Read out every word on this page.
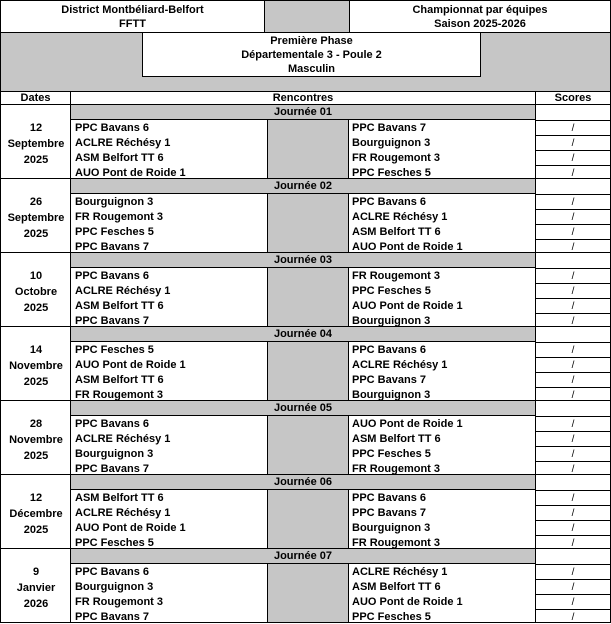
District Montbéliard-Belfort
FFTT
Championnat par équipes
Saison 2025-2026
Première Phase
Départementale 3 - Poule 2
Masculin
Dates	Rencontres	Scores
12
Septembre
2025
Journée 01
PPC Bavans 6
ACLRE Réchésy 1
ASM Belfort TT 6
AUO Pont de Roide 1
PPC Bavans 7
Bourguignon 3
FR Rougemont 3
PPC Fesches 5
/
/
/
/
26
Septembre
2025
Journée 02
Bourguignon 3
FR Rougemont 3
PPC Fesches 5
PPC Bavans 7
PPC Bavans 6
ACLRE Réchésy 1
ASM Belfort TT 6
AUO Pont de Roide 1
/
/
/
/
10
Octobre
2025
Journée 03
PPC Bavans 6
ACLRE Réchésy 1
ASM Belfort TT 6
PPC Bavans 7
FR Rougemont 3
PPC Fesches 5
AUO Pont de Roide 1
Bourguignon 3
/
/
/
/
14
Novembre
2025
Journée 04
PPC Fesches 5
AUO Pont de Roide 1
ASM Belfort TT 6
FR Rougemont 3
PPC Bavans 6
ACLRE Réchésy 1
PPC Bavans 7
Bourguignon 3
/
/
/
/
28
Novembre
2025
Journée 05
PPC Bavans 6
ACLRE Réchésy 1
Bourguignon 3
PPC Bavans 7
AUO Pont de Roide 1
ASM Belfort TT 6
PPC Fesches 5
FR Rougemont 3
/
/
/
/
12
Décembre
2025
Journée 06
ASM Belfort TT 6
ACLRE Réchésy 1
AUO Pont de Roide 1
PPC Fesches 5
PPC Bavans 6
PPC Bavans 7
Bourguignon 3
FR Rougemont 3
/
/
/
/
9
Janvier
2026
Journée 07
PPC Bavans 6
Bourguignon 3
FR Rougemont 3
PPC Bavans 7
ACLRE Réchésy 1
ASM Belfort TT 6
AUO Pont de Roide 1
PPC Fesches 5
/
/
/
/
